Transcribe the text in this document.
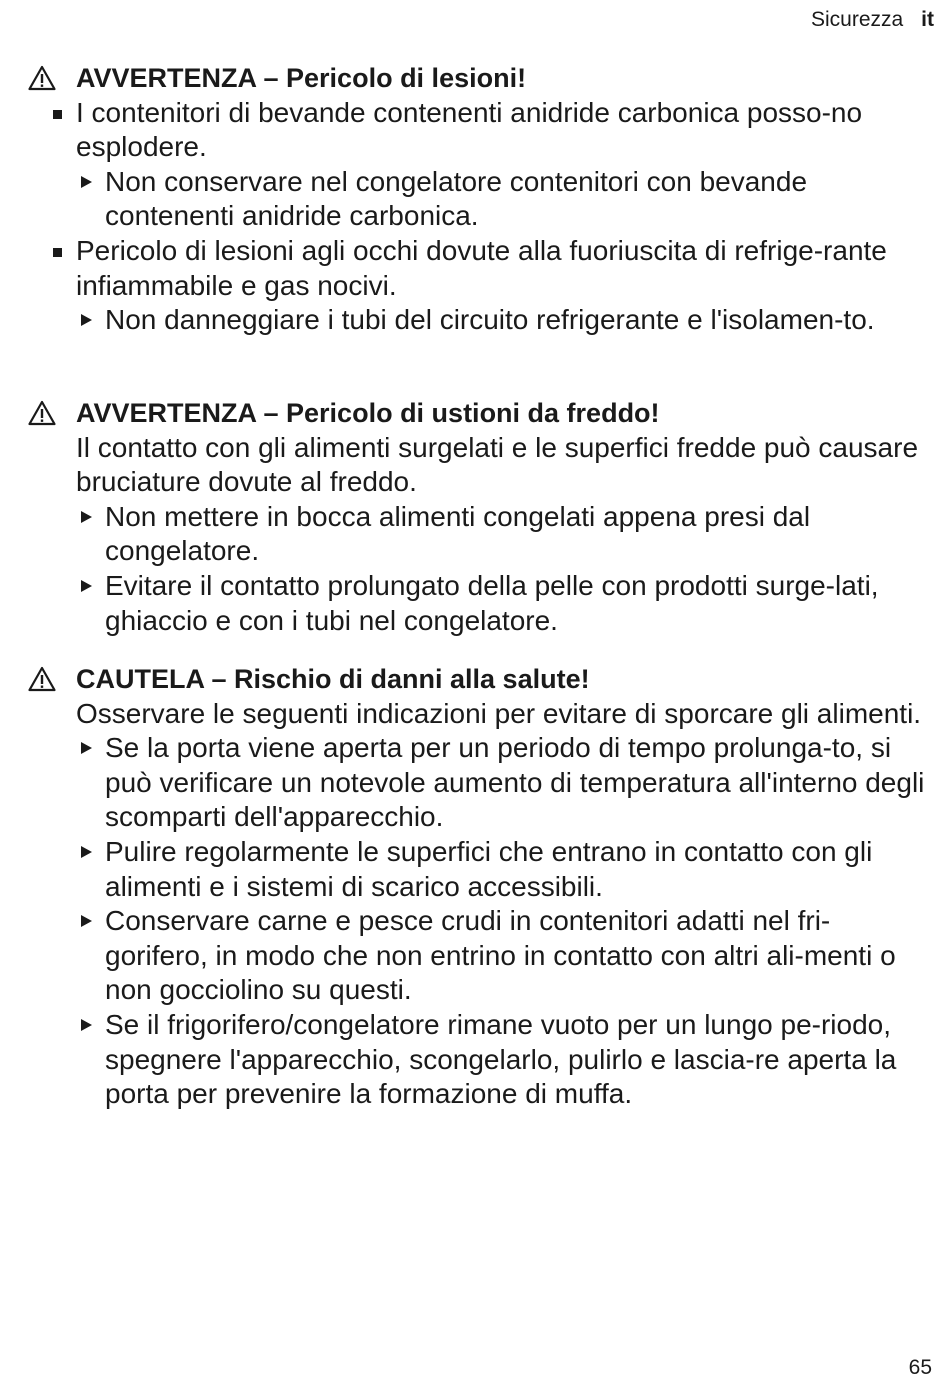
Sicurezza it

AVVERTENZA – Pericolo di lesioni!

I contenitori di bevande contenenti anidride carbonica posso-no esplodere.

Non conservare nel congelatore contenitori con bevande contenenti anidride carbonica.

Pericolo di lesioni agli occhi dovute alla fuoriuscita di refrige-rante infiammabile e gas nocivi.

Non danneggiare i tubi del circuito refrigerante e l'isolamen-to.

AVVERTENZA – Pericolo di ustioni da freddo!

Il contatto con gli alimenti surgelati e le superfici fredde può causare bruciature dovute al freddo.

Non mettere in bocca alimenti congelati appena presi dal congelatore.

Evitare il contatto prolungato della pelle con prodotti surge-lati, ghiaccio e con i tubi nel congelatore.

CAUTELA – Rischio di danni alla salute!

Osservare le seguenti indicazioni per evitare di sporcare gli alimenti.

Se la porta viene aperta per un periodo di tempo prolunga-to, si può verificare un notevole aumento di temperatura all'interno degli scomparti dell'apparecchio.

Pulire regolarmente le superfici che entrano in contatto con gli alimenti e i sistemi di scarico accessibili.

Conservare carne e pesce crudi in contenitori adatti nel fri-gorifero, in modo che non entrino in contatto con altri ali-menti o non gocciolino su questi.

Se il frigorifero/congelatore rimane vuoto per un lungo pe-riodo, spegnere l'apparecchio, scongelarlo, pulirlo e lascia-re aperta la porta per prevenire la formazione di muffa.

65
